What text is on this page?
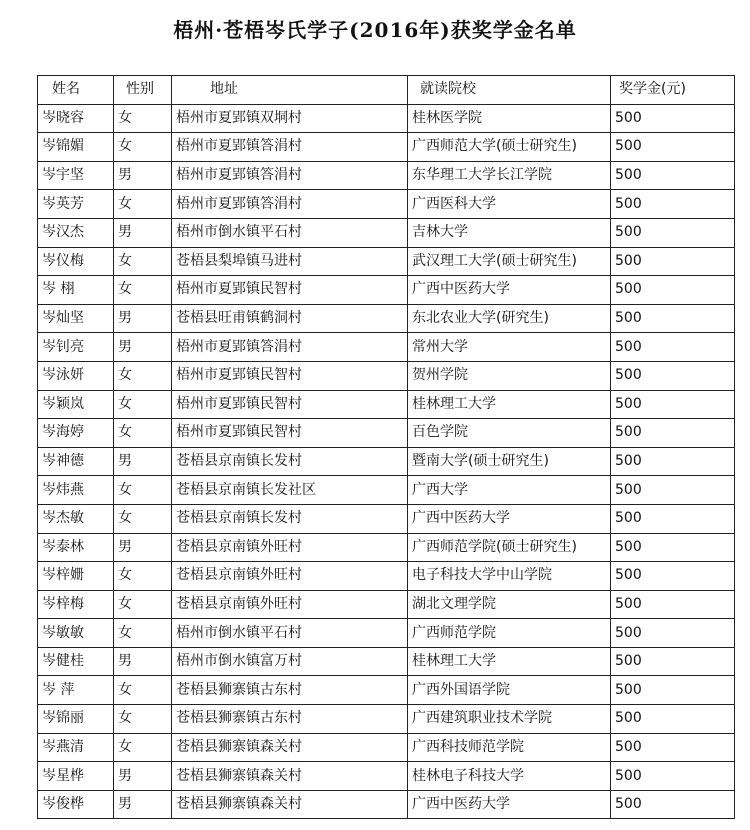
梧州·苍梧岑氏学子(2016年)获奖学金名单
姓名	性别	地址	就读院校	奖学金(元)
岑晓容	女	梧州市夏郢镇双垌村	桂林医学院	500
岑锦媚	女	梧州市夏郢镇答涓村	广西师范大学(硕士研究生)	500
岑宇坚	男	梧州市夏郢镇答涓村	东华理工大学长江学院	500
岑英芳	女	梧州市夏郢镇答涓村	广西医科大学	500
岑汉杰	男	梧州市倒水镇平石村	吉林大学	500
岑仪梅	女	苍梧县梨埠镇马进村	武汉理工大学(硕士研究生)	500
岑 栩	女	梧州市夏郢镇民智村	广西中医药大学	500
岑灿坚	男	苍梧县旺甫镇鹤洞村	东北农业大学(研究生)	500
岑钊亮	男	梧州市夏郢镇答涓村	常州大学	500
岑泳妍	女	梧州市夏郢镇民智村	贺州学院	500
岑颖岚	女	梧州市夏郢镇民智村	桂林理工大学	500
岑海婷	女	梧州市夏郢镇民智村	百色学院	500
岑神德	男	苍梧县京南镇长发村	暨南大学(硕士研究生)	500
岑炜燕	女	苍梧县京南镇长发社区	广西大学	500
岑杰敏	女	苍梧县京南镇长发村	广西中医药大学	500
岑泰林	男	苍梧县京南镇外旺村	广西师范学院(硕士研究生)	500
岑梓姗	女	苍梧县京南镇外旺村	电子科技大学中山学院	500
岑梓梅	女	苍梧县京南镇外旺村	湖北文理学院	500
岑敏敏	女	梧州市倒水镇平石村	广西师范学院	500
岑健桂	男	梧州市倒水镇富万村	桂林理工大学	500
岑 萍	女	苍梧县狮寨镇古东村	广西外国语学院	500
岑锦丽	女	苍梧县狮寨镇古东村	广西建筑职业技术学院	500
岑燕清	女	苍梧县狮寨镇森关村	广西科技师范学院	500
岑星桦	男	苍梧县狮寨镇森关村	桂林电子科技大学	500
岑俊桦	男	苍梧县狮寨镇森关村	广西中医药大学	500
